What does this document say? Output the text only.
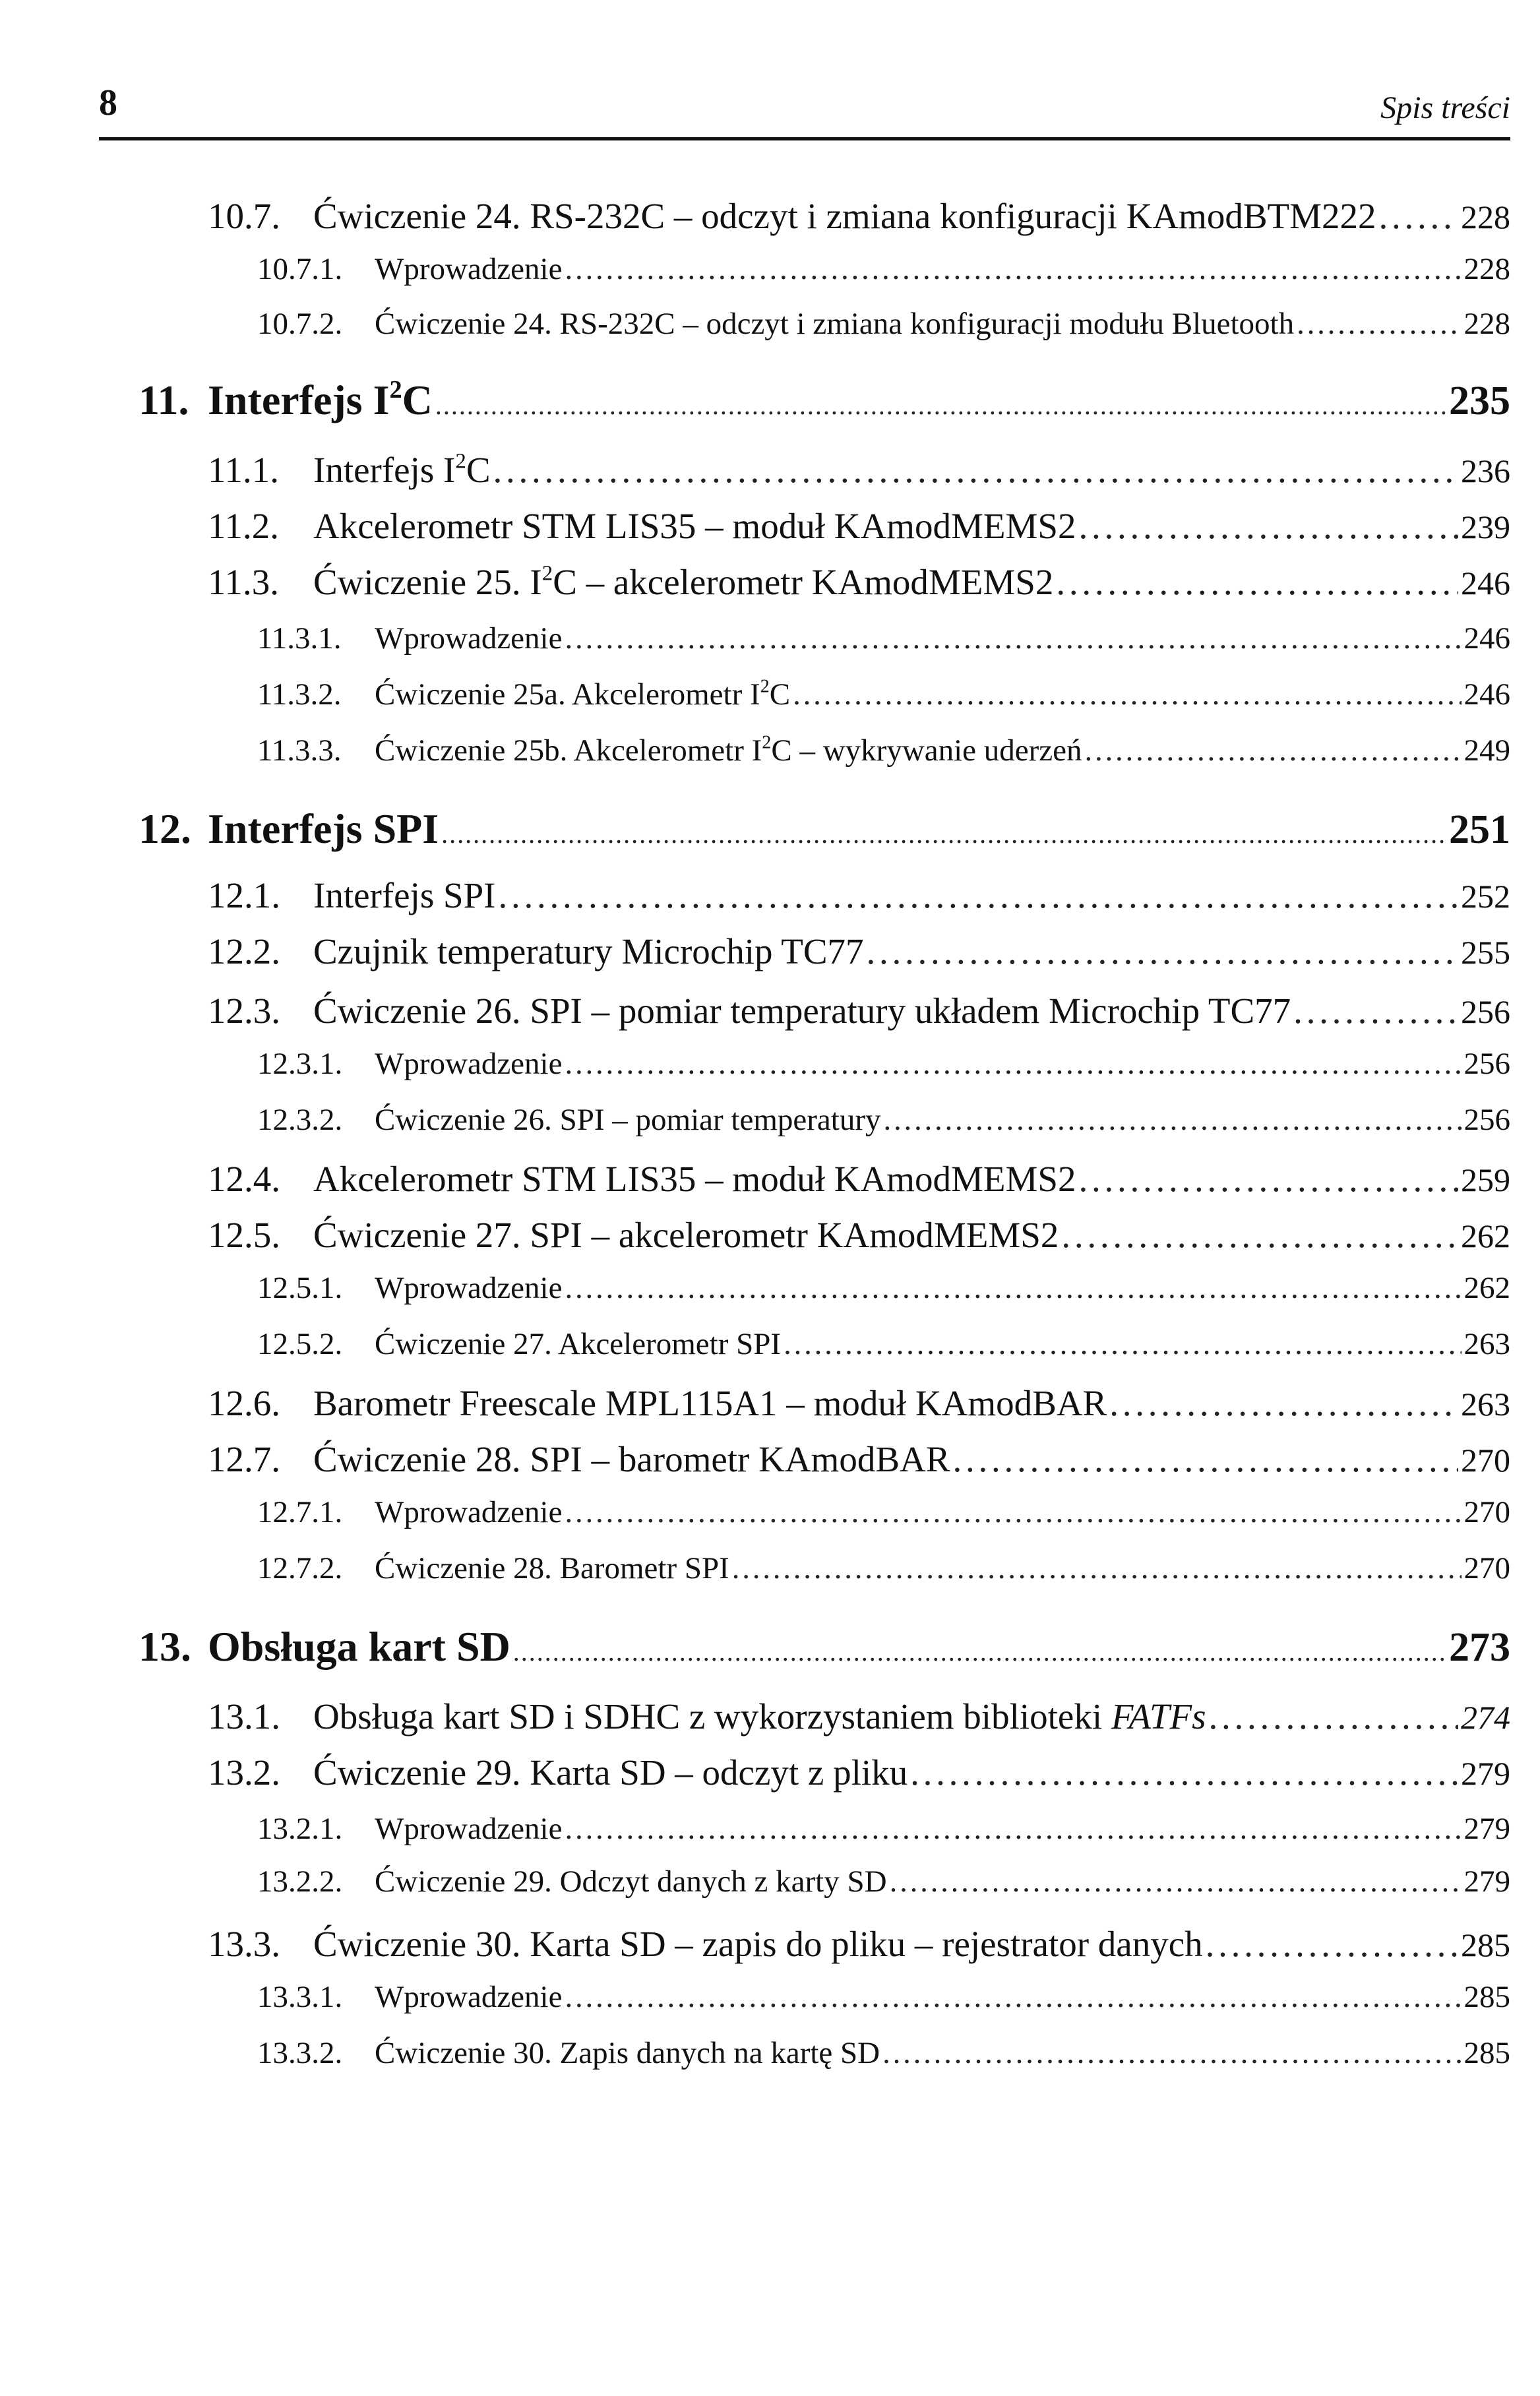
8	Spis treści
10.7. Ćwiczenie 24. RS-232C – odczyt i zmiana konfiguracji KAmodBTM222 . . .	228
10.7.1.	Wprowadzenie . . .	228
10.7.2.	Ćwiczenie 24. RS-232C – odczyt i zmiana konfiguracji modułu Bluetooth . . .	228
11. Interfejs $I^2C$ . . .	235
11.1. Interfejs $I^2C$ . . .	236
11.2. Akcelerometr STM LIS35 – moduł KAmodMEMS2 . . .	239
11.3. Ćwiczenie 25. $I^2C$ – akcelerometr KAmodMEMS2 . . .	246
11.3.1.	Wprowadzenie . . .	246
11.3.2.	Ćwiczenie 25a. Akcelerometr $I^2C$ . . .	246
11.3.3.	Ćwiczenie 25b. Akcelerometr $I^2C$ – wykrywanie uderzeń . . .	249
12. Interfejs SPI . . .	251
12.1. Interfejs SPI . . .	252
12.2. Czujnik temperatury Microchip TC77 . . .	255
12.3. Ćwiczenie 26. SPI – pomiar temperatury układem Microchip TC77 . . .	256
12.3.1.	Wprowadzenie . . .	256
12.3.2.	Ćwiczenie 26. SPI – pomiar temperatury . . .	256
12.4. Akcelerometr STM LIS35 – moduł KAmodMEMS2 . . .	259
12.5. Ćwiczenie 27. SPI – akcelerometr KAmodMEMS2 . . .	262
12.5.1.	Wprowadzenie . . .	262
12.5.2.	Ćwiczenie 27. Akcelerometr SPI . . .	263
12.6. Barometr Freescale MPL115A1 – moduł KAmodBAR . . .	263
12.7. Ćwiczenie 28. SPI – barometr KAmodBAR . . .	270
12.7.1.	Wprowadzenie . . .	270
12.7.2.	Ćwiczenie 28. Barometr SPI . . .	270
13. Obsługa kart SD . . .	273
13.1. Obsługa kart SD i SDHC z wykorzystaniem biblioteki FATFs . . .	274
13.2. Ćwiczenie 29. Karta SD – odczyt z pliku . . .	279
13.2.1.	Wprowadzenie . . .	279
13.2.2.	Ćwiczenie 29. Odczyt danych z karty SD . . .	279
13.3. Ćwiczenie 30. Karta SD – zapis do pliku – rejestrator danych . . .	285
13.3.1.	Wprowadzenie . . .	285
13.3.2.	Ćwiczenie 30. Zapis danych na kartę SD . . .	285
